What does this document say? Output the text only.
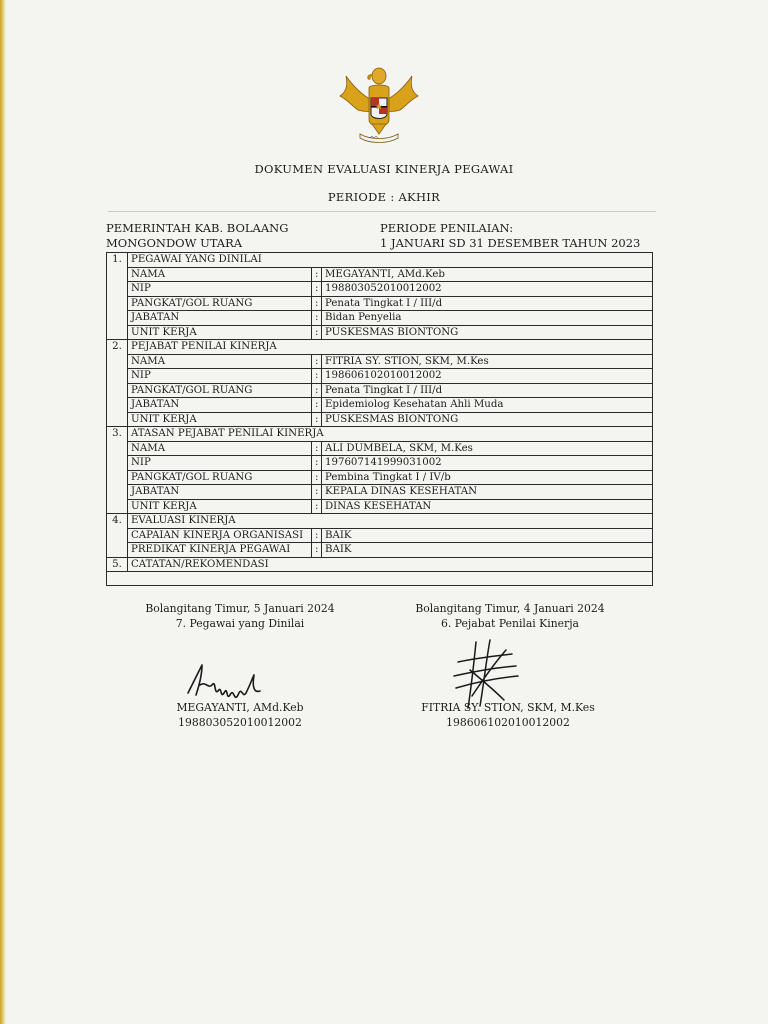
DOKUMEN EVALUASI KINERJA PEGAWAI
PERIODE : AKHIR
PEMERINTAH KAB. BOLAANG MONGONDOW UTARA
PERIODE PENILAIAN:
1 JANUARI SD 31 DESEMBER TAHUN 2023
1.	PEGAWAI YANG DINILAI		
	NAMA	:	MEGAYANTI, AMd.Keb
	NIP	:	198803052010012002
	PANGKAT/GOL RUANG	:	Penata Tingkat I / III/d
	JABATAN	:	Bidan Penyelia
	UNIT KERJA	:	PUSKESMAS BIONTONG
2.	PEJABAT PENILAI KINERJA		
	NAMA	:	FITRIA SY. STION, SKM, M.Kes
	NIP	:	198606102010012002
	PANGKAT/GOL RUANG	:	Penata Tingkat I / III/d
	JABATAN	:	Epidemiolog Kesehatan Ahli Muda
	UNIT KERJA	:	PUSKESMAS BIONTONG
3.	ATASAN PEJABAT PENILAI KINERJA		
	NAMA	:	ALI DUMBELA, SKM, M.Kes
	NIP	:	197607141999031002
	PANGKAT/GOL RUANG	:	Pembina Tingkat I / IV/b
	JABATAN	:	KEPALA DINAS KESEHATAN
	UNIT KERJA	:	DINAS KESEHATAN
4.	EVALUASI KINERJA		
	CAPAIAN KINERJA ORGANISASI	:	BAIK
	PREDIKAT KINERJA PEGAWAI	:	BAIK
5.	CATATAN/REKOMENDASI		

Bolangitang Timur, 5 Januari 2024
7. Pegawai yang Dinilai
MEGAYANTI, AMd.Keb
198803052010012002
Bolangitang Timur, 4 Januari 2024
6. Pejabat Penilai Kinerja
FITRIA SY. STION, SKM, M.Kes
198606102010012002
